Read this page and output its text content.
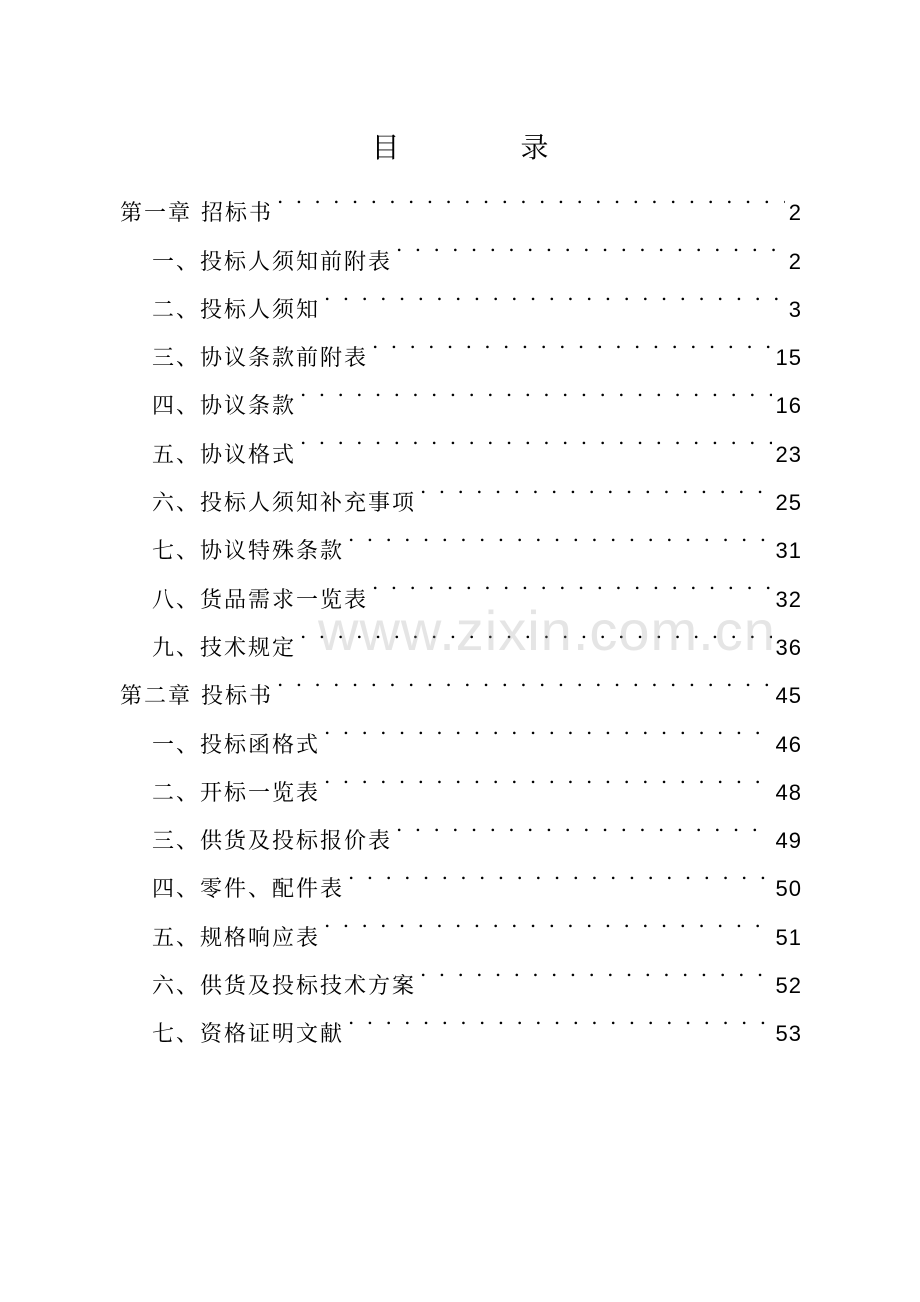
目 录
第一章 招标书 . . .	2
一、投标人须知前附表 . . .	2
二、投标人须知 . . .	3
三、协议条款前附表 . . .	15
四、协议条款 . . .	16
五、协议格式 . . .	23
六、投标人须知补充事项 . . .	25
七、协议特殊条款 . . .	31
八、货品需求一览表 . . .	32
九、技术规定 . . .	36
第二章 投标书 . . .	45
一、投标函格式 . . .	46
二、开标一览表 . . .	48
三、供货及投标报价表 . . .	49
四、零件、配件表 . . .	50
五、规格响应表 . . .	51
六、供货及投标技术方案 . . .	52
七、资格证明文献 . . .	53
www.zixin.com.cn
